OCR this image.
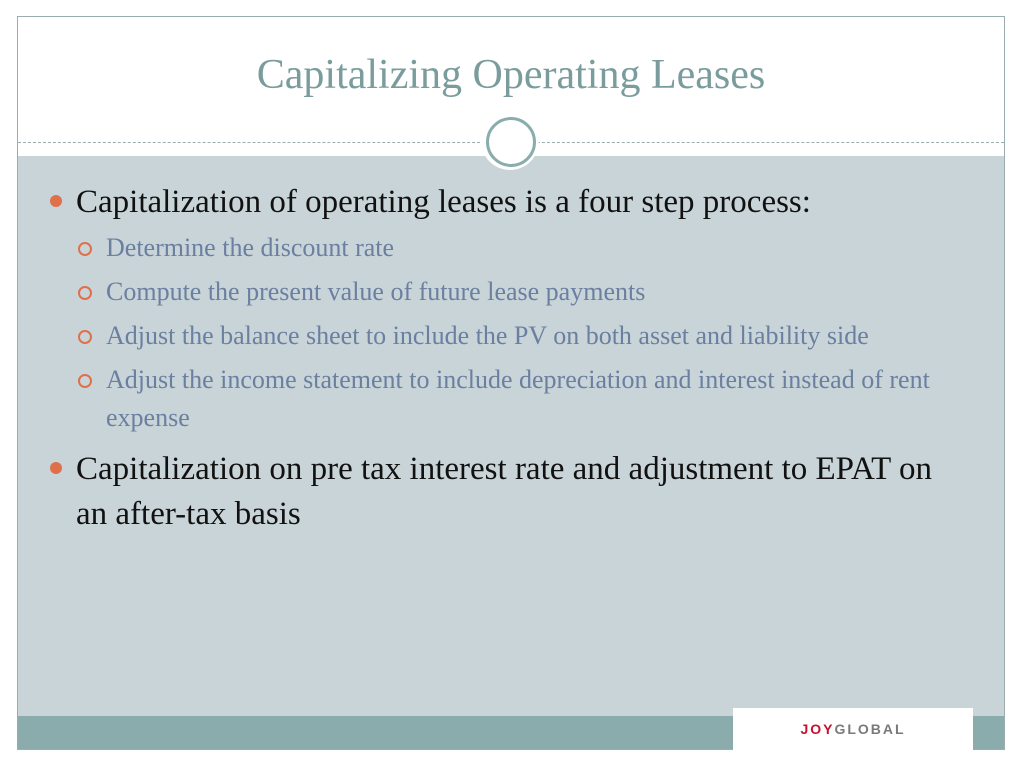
Capitalizing Operating Leases
Capitalization of operating leases is a four step process:
Determine the discount rate
Compute the present value of future lease payments
Adjust the balance sheet to include the PV on both asset and liability side
Adjust the income statement to include depreciation and interest instead of rent expense
Capitalization on pre tax interest rate and adjustment to EPAT on an after-tax basis
JOY GLOBAL
